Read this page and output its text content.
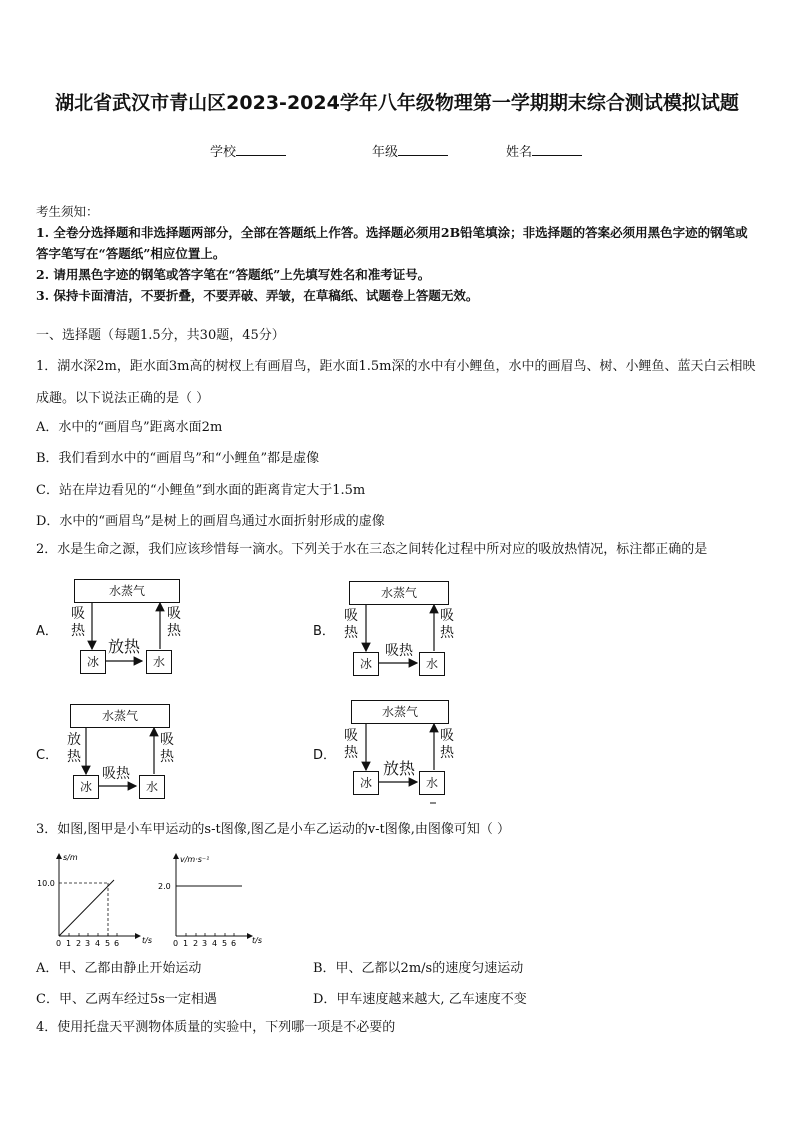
湖北省武汉市青山区2023-2024学年八年级物理第一学期期末综合测试模拟试题
学校	年级	姓名
考生须知：
1. 全卷分选择题和非选择题两部分，全部在答题纸上作答。选择题必须用2B铅笔填涂；非选择题的答案必须用黑色字迹的钢笔或答字笔写在“答题纸”相应位置上。
2. 请用黑色字迹的钢笔或答字笔在“答题纸”上先填写姓名和准考证号。
3. 保持卡面清洁，不要折叠，不要弄破、弄皱，在草稿纸、试题卷上答题无效。
一、选择题（每题1.5分，共30题，45分）
1．湖水深2m，距水面3m高的树杈上有画眉鸟，距水面1.5m深的水中有小鲤鱼，水中的画眉鸟、树、小鲤鱼、蓝天白云相映成趣。以下说法正确的是（ ）
A．水中的“画眉鸟”距离水面2m
B．我们看到水中的“画眉鸟”和“小鲤鱼”都是虚像
C．站在岸边看见的“小鲤鱼”到水面的距离肯定大于1.5m
D．水中的“画眉鸟”是树上的画眉鸟通过水面折射形成的虚像
2．水是生命之源，我们应该珍惜每一滴水。下列关于水在三态之间转化过程中所对应的吸放热情况，标注都正确的是
A．
水蒸气
冰	水
吸
热
吸
热
放热
B．
水蒸气
冰	水
吸
热
吸
热
吸热
C．
水蒸气
冰	水
放
热
吸
热
吸热
D．
水蒸气
冰	水
吸
热
吸
热
放热
3．如图,图甲是小车甲运动的s-t图像,图乙是小车乙运动的v-t图像,由图像可知（ ）
s/m
10.0
t/s
0 1 2 3 4 5 6
v/m·s⁻¹
2.0
t/s
0 1 2 3 4 5 6
A．甲、乙都由静止开始运动	B．甲、乙都以2m/s的速度匀速运动
C．甲、乙两车经过5s一定相遇	D．甲车速度越来越大, 乙车速度不变
4．使用托盘天平测物体质量的实验中，下列哪一项是不必要的
